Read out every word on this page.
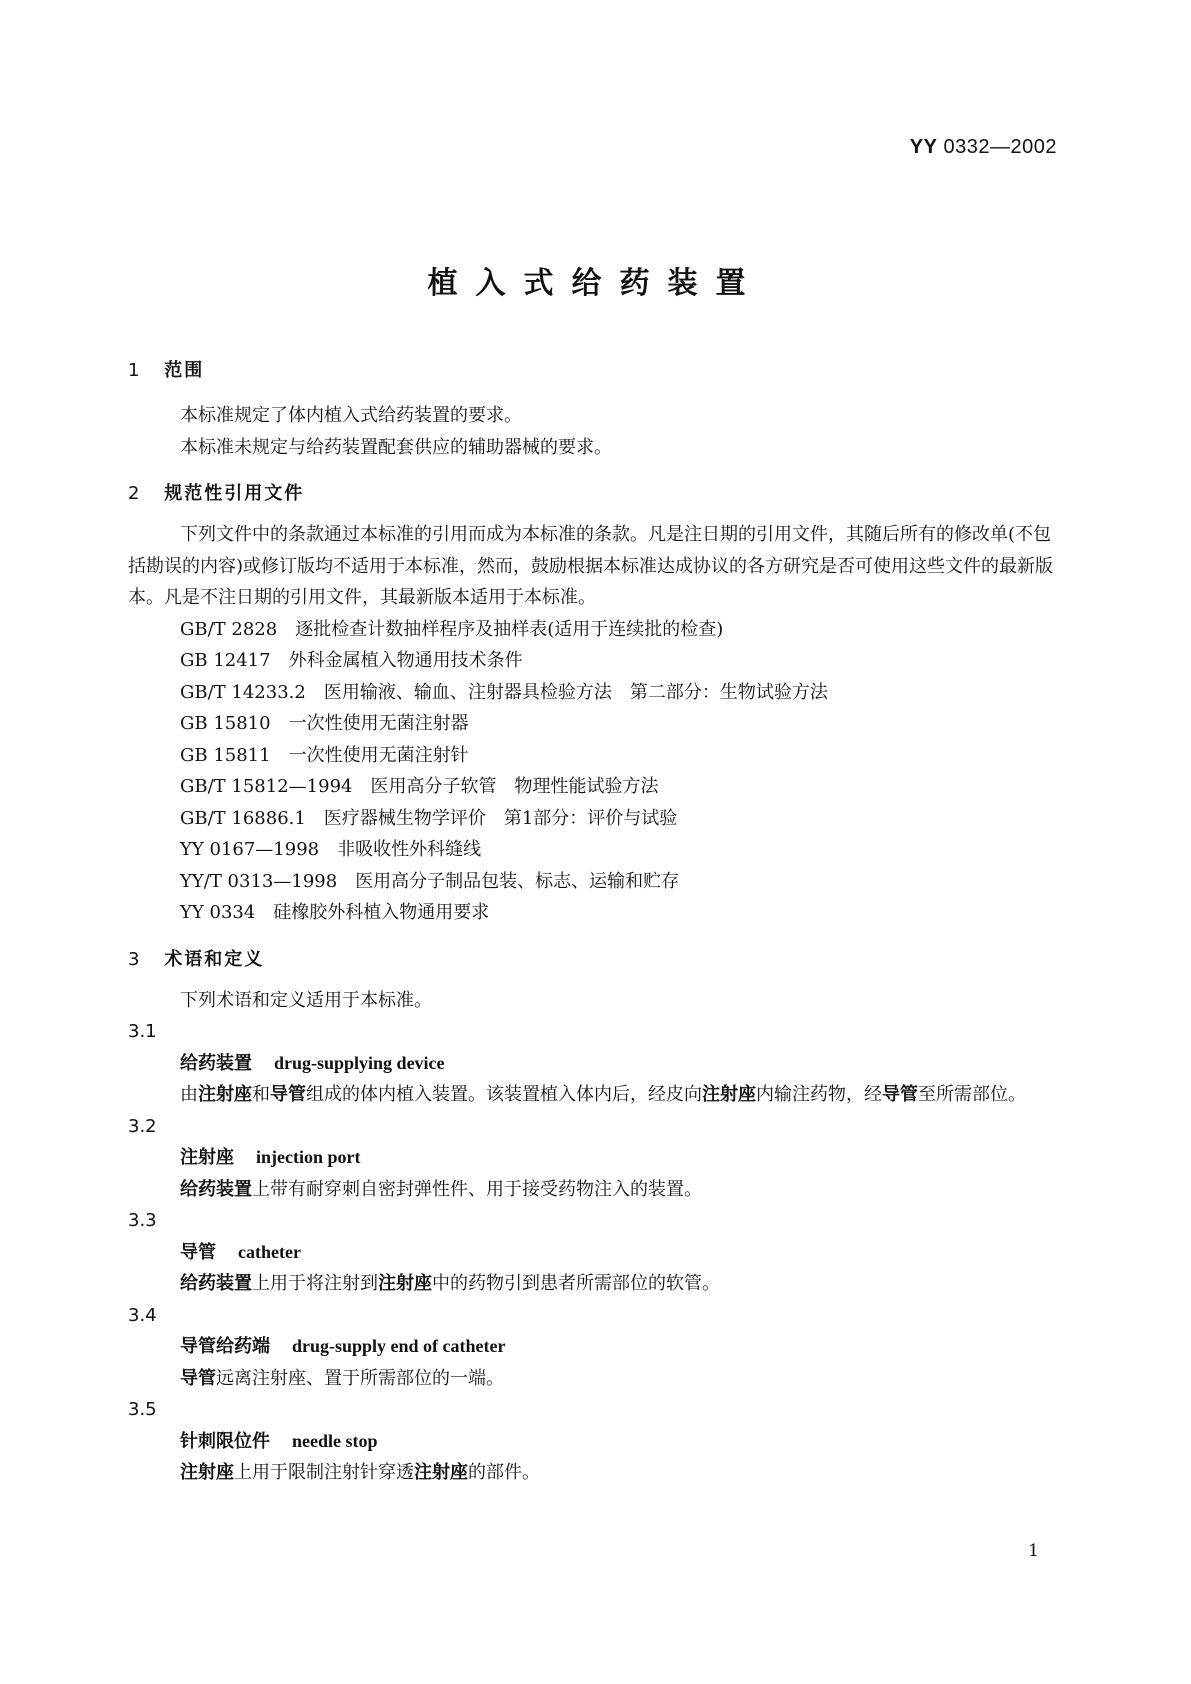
YY 0332—2002
植入式给药装置
1 范围

本标准规定了体内植入式给药装置的要求。

本标准未规定与给药装置配套供应的辅助器械的要求。

2 规范性引用文件

下列文件中的条款通过本标准的引用而成为本标准的条款。凡是注日期的引用文件，其随后所有的修改单(不包括勘误的内容)或修订版均不适用于本标准，然而，鼓励根据本标准达成协议的各方研究是否可使用这些文件的最新版本。凡是不注日期的引用文件，其最新版本适用于本标准。

GB/T 2828 逐批检查计数抽样程序及抽样表(适用于连续批的检查)
GB 12417 外科金属植入物通用技术条件
GB/T 14233.2 医用输液、输血、注射器具检验方法　第二部分：生物试验方法
GB 15810 一次性使用无菌注射器
GB 15811 一次性使用无菌注射针
GB/T 15812—1994 医用高分子软管　物理性能试验方法
GB/T 16886.1 医疗器械生物学评价　第1部分：评价与试验
YY 0167—1998 非吸收性外科缝线
YY/T 0313—1998 医用高分子制品包装、标志、运输和贮存
YY 0334 硅橡胶外科植入物通用要求
3 术语和定义

下列术语和定义适用于本标准。

3.1
给药装置 drug-supplying device

由注射座和导管组成的体内植入装置。该装置植入体内后，经皮向注射座内输注药物，经导管至所需部位。

3.2
注射座 injection port

给药装置上带有耐穿刺自密封弹性件、用于接受药物注入的装置。

3.3
导管 catheter

给药装置上用于将注射到注射座中的药物引到患者所需部位的软管。

3.4
导管给药端 drug-supply end of catheter

导管远离注射座、置于所需部位的一端。

3.5
针刺限位件 needle stop

注射座上用于限制注射针穿透注射座的部件。

1
